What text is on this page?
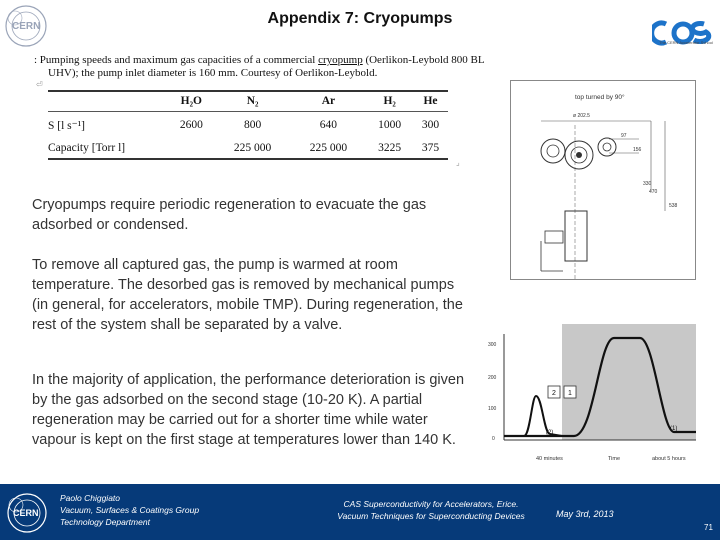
CERN	Appendix 7: Cryopumps
The CERN Accelerator School
: Pumping speeds and maximum gas capacities of a commercial cryopump (Oerlikon-Leybold 800 BL
UHV); the pump inlet diameter is 160 mm. Courtesy of Oerlikon-Leybold.
⏎
⌟
	H₂O	N₂	Ar	H₂	He
S [l s⁻¹]	2600	800	640	1000	300
Capacity [Torr l]		225 000	225 000	3225	375
Cryopumps require periodic regeneration to evacuate the gas adsorbed or condensed.
To remove all captured gas, the pump is warmed at room temperature. The desorbed gas is removed by mechanical pumps (in general, for accelerators, mobile TMP). During regeneration, the rest of the system shall be separated by a valve.
In the majority of application, the performance deterioration is given by the gas adsorbed on the second stage (10-20 K). A partial regeneration may be carried out for a shorter time while water vapour is kept on the first stage at temperatures lower than 140 K.
top turned by 90°
ø 202.5
97
156
330
470
538
300
200
100
0
2 1
(2)
(1)
40 minutes	Time	about 5 hours
CERN
Paolo Chiggiato
Vacuum, Surfaces & Coatings Group
Technology Department
CAS Superconductivity for Accelerators, Erice.
Vacuum Techniques for Superconducting Devices	May 3rd, 2013
71
